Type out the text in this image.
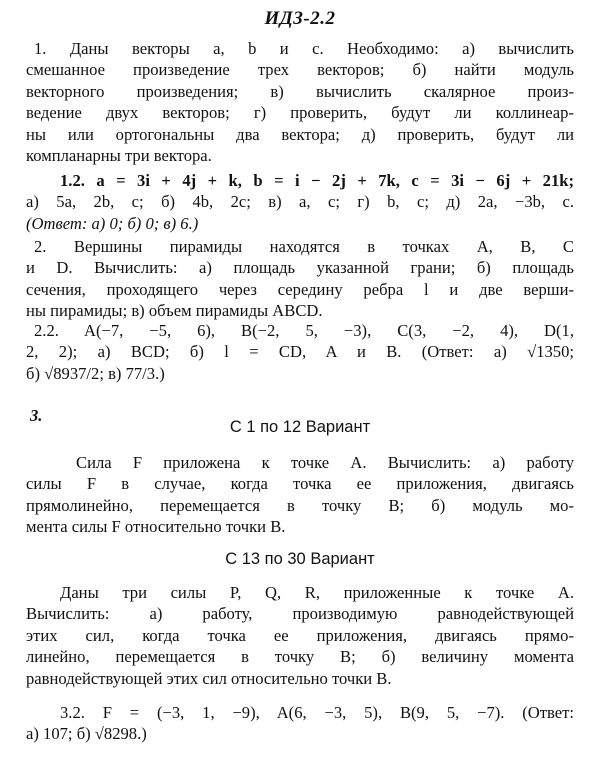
ИДЗ-2.2
1. Даны векторы a, b и c. Необходимо: а) вычислить
смешанное произведение трех векторов; б) найти модуль
векторного произведения; в) вычислить скалярное произ-
ведение двух векторов; г) проверить, будут ли коллинеар-
ны или ортогональны два вектора; д) проверить, будут ли
компланарны три вектора.
1.2. a = 3i + 4j + k, b = i − 2j + 7k, c = 3i − 6j + 21k;
а) 5a, 2b, c; б) 4b, 2c; в) a, c; г) b, c; д) 2a, −3b, c.
(Ответ: а) 0; б) 0; в) 6.)
2. Вершины пирамиды находятся в точках A, B, C
и D. Вычислить: а) площадь указанной грани; б) площадь
сечения, проходящего через середину ребра l и две верши-
ны пирамиды; в) объем пирамиды ABCD.
2.2. A(−7, −5, 6), B(−2, 5, −3), C(3, −2, 4), D(1,
2, 2); а) BCD; б) l = CD, A и B. (Ответ: а) √1350;
б) √8937/2; в) 77/3.)
3.
С 1 по 12 Вариант
Сила F приложена к точке A. Вычислить: а) работу
силы F в случае, когда точка ее приложения, двигаясь
прямолинейно, перемещается в точку B; б) модуль мо-
мента силы F относительно точки B.
С 13 по 30 Вариант
Даны три силы P, Q, R, приложенные к точке A.
Вычислить: а) работу, производимую равнодействующей
этих сил, когда точка ее приложения, двигаясь прямо-
линейно, перемещается в точку B; б) величину момента
равнодействующей этих сил относительно точки B.
3.2. F = (−3, 1, −9), A(6, −3, 5), B(9, 5, −7). (Ответ:
а) 107; б) √8298.)
